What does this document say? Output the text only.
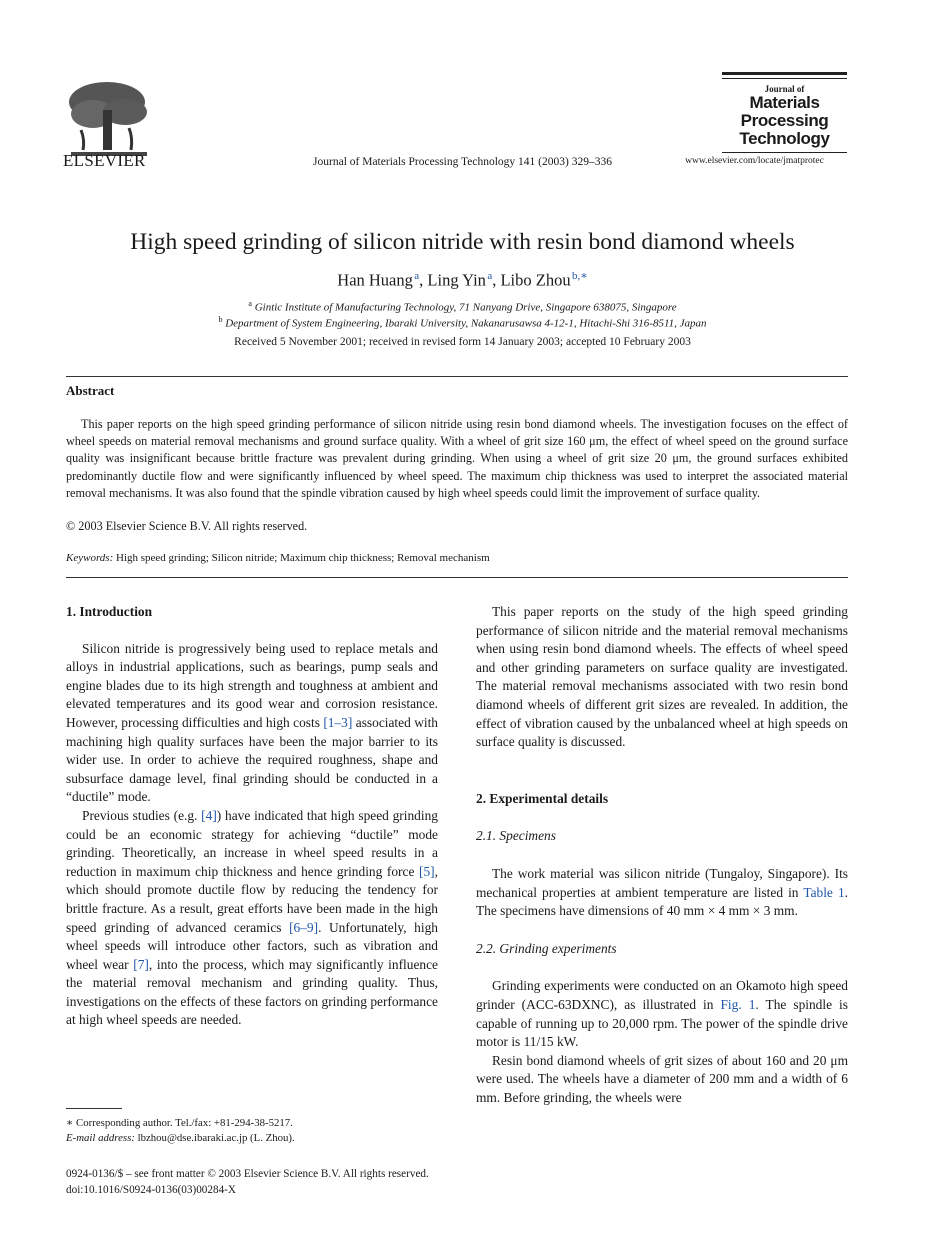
ELSEVIER	Journal of Materials Processing Technology 141 (2003) 329–336
Journal of
Materials
Processing
Technology
www.elsevier.com/locate/jmatprotec
High speed grinding of silicon nitride with resin bond diamond wheels
Han Huang $^a$, Ling Yin $^a$, Libo Zhou $^{b,∗}$
$^a$ Gintic Institute of Manufacturing Technology, 71 Nanyang Drive, Singapore 638075, Singapore
$^b$ Department of System Engineering, Ibaraki University, Nakanarusawsa 4-12-1, Hitachi-Shi 316-8511, Japan
Received 5 November 2001; received in revised form 14 January 2003; accepted 10 February 2003
Abstract
This paper reports on the high speed grinding performance of silicon nitride using resin bond diamond wheels. The investigation focuses on the effect of wheel speeds on material removal mechanisms and ground surface quality. With a wheel of grit size 160 μm, the effect of wheel speed on the ground surface quality was insignificant because brittle fracture was prevalent during grinding. When using a wheel of grit size 20 μm, the ground surfaces exhibited predominantly ductile flow and were significantly influenced by wheel speed. The maximum chip thickness was used to interpret the associated material removal mechanisms. It was also found that the spindle vibration caused by high wheel speeds could limit the improvement of surface quality.
© 2003 Elsevier Science B.V. All rights reserved.
Keywords: High speed grinding; Silicon nitride; Maximum chip thickness; Removal mechanism
1. Introduction

Silicon nitride is progressively being used to replace metals and alloys in industrial applications, such as bearings, pump seals and engine blades due to its high strength and toughness at ambient and elevated temperatures and its good wear and corrosion resistance. However, processing difficulties and high costs [1–3] associated with machining high quality surfaces have been the major barrier to its wider use. In order to achieve the required roughness, shape and subsurface damage level, final grinding should be conducted in a “ductile” mode.

Previous studies (e.g. [4]) have indicated that high speed grinding could be an economic strategy for achieving “ductile” mode grinding. Theoretically, an increase in wheel speed results in a reduction in maximum chip thickness and hence grinding force [5], which should promote ductile flow by reducing the tendency for brittle fracture. As a result, great efforts have been made in the high speed grinding of advanced ceramics [6–9]. Unfortunately, high wheel speeds will introduce other factors, such as vibration and wheel wear [7], into the process, which may significantly influence the material removal mechanism and grinding quality. Thus, investigations on the effects of these factors on grinding performance at high wheel speeds are needed.

∗ Corresponding author. Tel./fax: +81-294-38-5217.
E-mail address: lbzhou@dse.ibaraki.ac.jp (L. Zhou).

This paper reports on the study of the high speed grinding performance of silicon nitride and the material removal mechanisms when using resin bond diamond wheels. The effects of wheel speed and other grinding parameters on surface quality are investigated. The material removal mechanisms associated with two resin bond diamond wheels of different grit sizes are revealed. In addition, the effect of vibration caused by the unbalanced wheel at high speeds on surface quality is discussed.

2. Experimental details
2.1. Specimens

The work material was silicon nitride (Tungaloy, Singapore). Its mechanical properties at ambient temperature are listed in Table 1. The specimens have dimensions of 40 mm × 4 mm × 3 mm.

2.2. Grinding experiments

Grinding experiments were conducted on an Okamoto high speed grinder (ACC-63DXNC), as illustrated in Fig. 1. The spindle is capable of running up to 20,000 rpm. The power of the spindle drive motor is 11/15 kW.

Resin bond diamond wheels of grit sizes of about 160 and 20 μm were used. The wheels have a diameter of 200 mm and a width of 6 mm. Before grinding, the wheels were

0924-0136/$ – see front matter © 2003 Elsevier Science B.V. All rights reserved.
doi:10.1016/S0924-0136(03)00284-X
